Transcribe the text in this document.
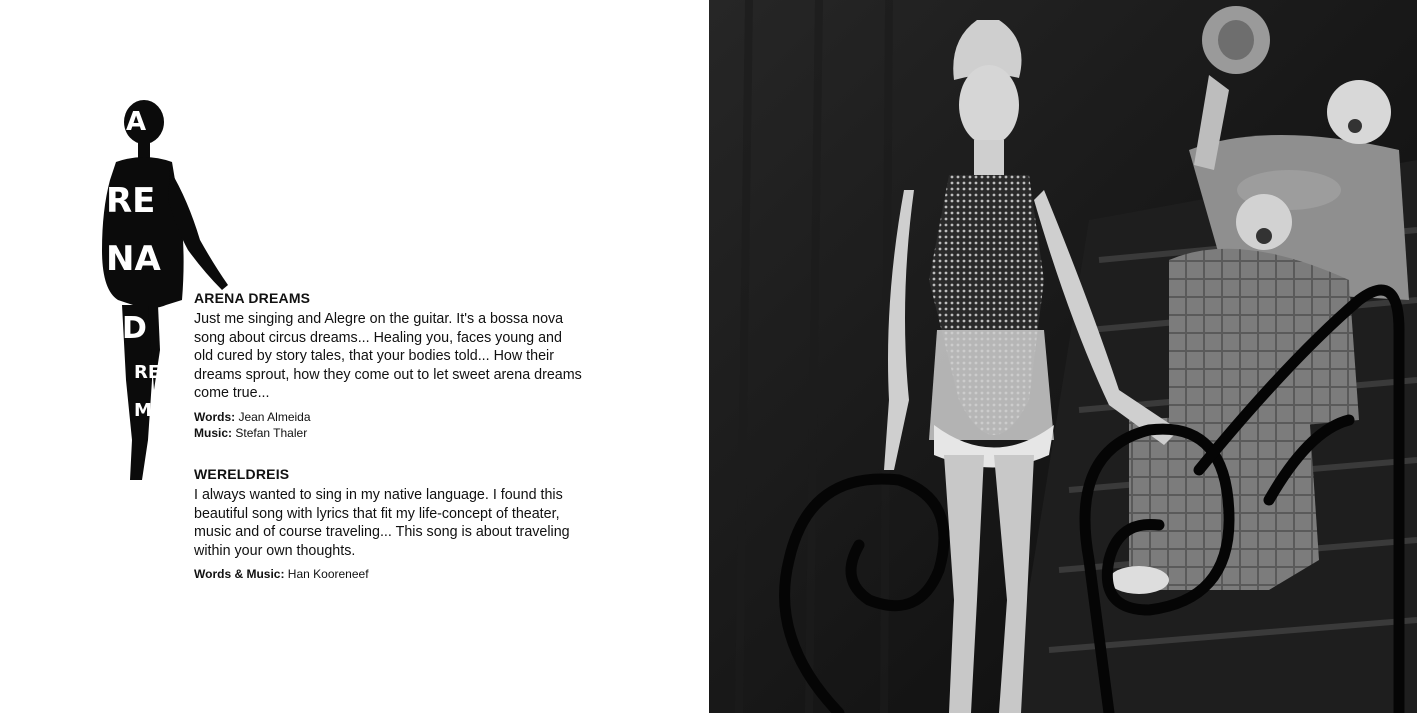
A
RE
NA
D
REA
MS
ARENA DREAMS
Just me singing and Alegre on the guitar. It's a bossa nova song about circus dreams... Healing you, faces young and old cured by story tales, that your bodies told... How their dreams sprout, how they come out to let sweet arena dreams come true...
Words: Jean Almeida
Music: Stefan Thaler
WERELDREIS
I always wanted to sing in my native language. I found this beautiful song with lyrics that fit my life-concept of theater, music and of course traveling... This song is about traveling within your own thoughts.
Words & Music: Han Kooreneef
